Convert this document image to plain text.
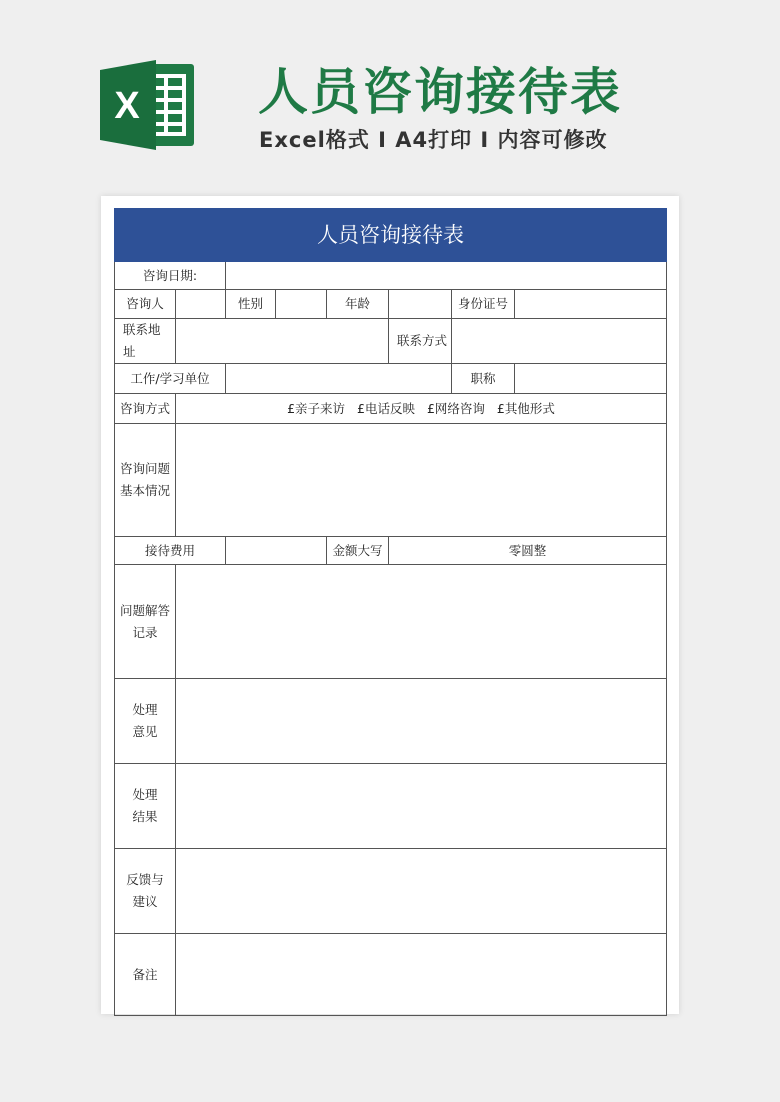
X 人员咨询接待表
Excel格式 I A4打印 I 内容可修改
人员咨询接待表							
咨询日期:							
咨询人		性别		年龄		身份证号	
联系地址					联系方式		
工作/学习单位						职称	
咨询方式	£亲子来访 £电话反映 £网络咨询 £其他形式						

咨询问题
基本情况							

接待费用				金额大写	零圆整		

问题解答
记录							

处理
意见							

处理
结果							

反馈与
建议							

备注							
